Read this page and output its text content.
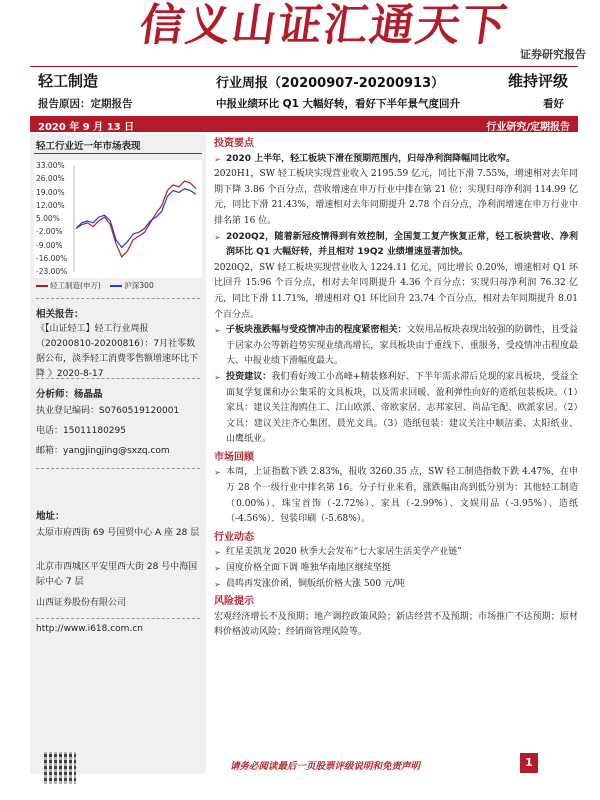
信义山证汇通天下
证券研究报告
轻工制造	行业周报（20200907-20200913）	维持评级
报告原因：定期报告	中报业绩环比 Q1 大幅好转，看好下半年景气度回升	看好
2020 年 9 月 13 日	行业研究/定期报告
轻工行业近一年市场表现
33.00%
26.00%
19.00%
12.00%
5.00%
-2.00%
-9.00%
-16.00%
-23.00%
轻工制造(申万)	沪深300
相关报告：
《【山证轻工】轻工行业周报（20200810-20200816）：7月社零数据公布，淡季轻工消费零售额增速环比下降 》2020-8-17
分析师：杨晶晶
执业登记编码：S0760519120001
电话：15011180295
邮箱：yangjingjing@sxzq.com
地址：
太原市府西街 69 号国贸中心 A 座 28 层
北京市西城区平安里西大街 28 号中海国际中心 7 层
山西证券股份有限公司
http://www.i618.com.cn
投资要点
➢ 2020 上半年，轻工板块下滑在预期范围内，归母净利润降幅同比收窄。

2020H1，SW 轻工板块实现营业收入 2195.59 亿元，同比下滑 7.55%，增速相对去年同期下降 3.86 个百分点，营收增速在申万行业中排在第 21 位；实现归母净利润 114.99 亿元，同比下滑 21.43%，增速相对去年同期提升 2.78 个百分点，净利润增速在申万行业中排名第 16 位。

➢ 2020Q2，随着新冠疫情得到有效控制，全国复工复产恢复正常，轻工板块营收、净利润环比 Q1 大幅好转，并且相对 19Q2 业绩增速显著加快。

2020Q2，SW 轻工板块实现营业收入 1224.11 亿元，同比增长 0.20%，增速相对 Q1 环比回升 15.96 个百分点，相对去年同期提升 4.36 个百分点；实现归母净利润 76.32 亿元，同比下滑 11.71%，增速相对 Q1 环比回升 23.74 个百分点，相对去年同期提升 8.01 个百分点。

➢ 子板块涨跌幅与受疫情冲击的程度紧密相关：文娱用品板块表现出较强的防御性，且受益于居家办公等新趋势实现业绩高增长，家具板块由于重线下、重服务，受疫情冲击程度最大、中报业绩下滑幅度最大。
➢ 投资建议：我们看好竣工小高峰+精装修利好、下半年需求滞后兑现的家具板块，受益全面复学复课和办公集采的文具板块，以及需求回暖、盈利弹性向好的造纸包装板块。（1）家具：建议关注海鸥住工、江山欧派、帝欧家居、志邦家居、尚品宅配、欧派家居。（2）文具：建议关注齐心集团、晨光文具。（3）造纸包装：建议关注中顺洁柔、太阳纸业、山鹰纸业。
市场回顾
➢ 本周，上证指数下跌 2.83%，报收 3260.35 点，SW 轻工制造指数下跌 4.47%，在申万 28 个一级行业中排名第 16。分子行业来看，涨跌幅由高到低分别为：其他轻工制造（0.00%）、珠宝首饰（-2.72%）、家具（-2.99%）、文娱用品（-3.95%）、造纸（-4.56%）、包装印刷（-5.68%）。
行业动态
➢ 红星美凯龙 2020 秋季大会发布“七大家居生活美学产业链”
➢ 国度价格全面下调 唯独华南地区继续坚挺
➢ 晨鸣再发涨价函，铜版纸价格大涨 500 元/吨
风险提示

宏观经济增长不及预期；地产调控政策风险；新店经营不及预期；市场推广不达预期；原材料价格波动风险；经销商管理风险等。

请务必阅读最后一页股票评级说明和免责声明	1
